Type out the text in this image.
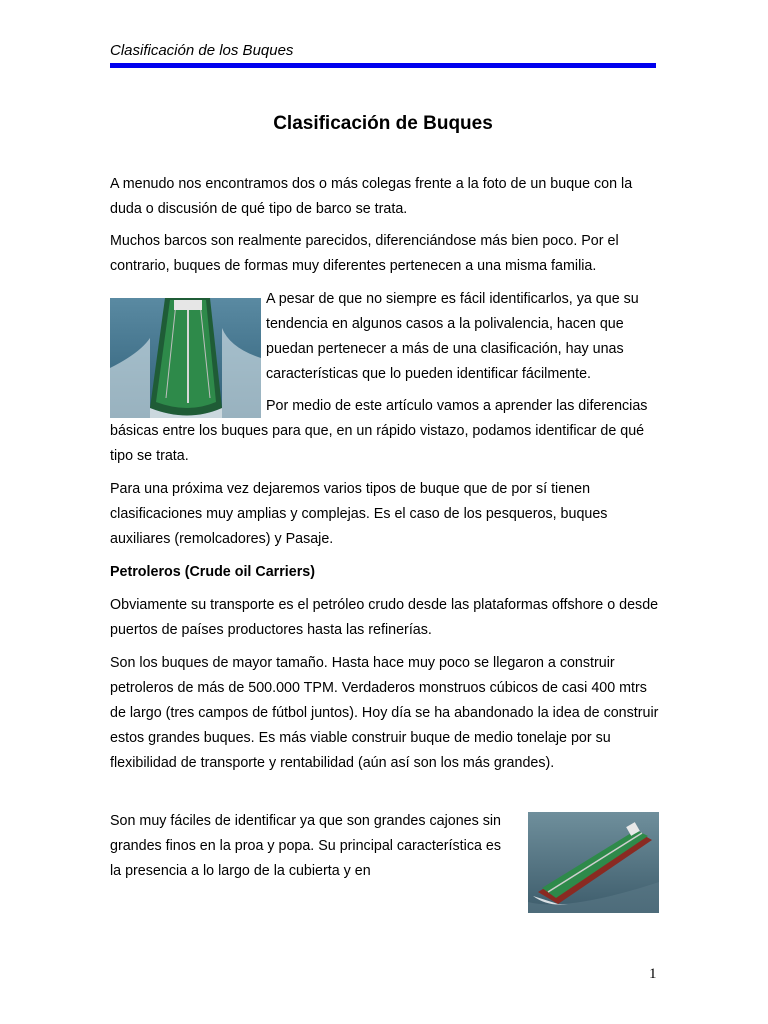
Clasificación de los Buques
Clasificación de Buques

A menudo nos encontramos dos o más colegas frente a la foto de un buque con la duda o discusión de qué tipo de barco se trata.

Muchos barcos son realmente parecidos, diferenciándose más bien poco. Por el contrario, buques de formas muy diferentes pertenecen a una misma familia.

A pesar de que no siempre es fácil identificarlos, ya que su tendencia en algunos casos a la polivalencia, hacen que puedan pertenecer a más de una clasificación, hay unas características que lo pueden identificar fácilmente.

Por medio de este artículo vamos a aprender las diferencias básicas entre los buques para que, en un rápido vistazo, podamos identificar de qué tipo se trata.

Para una próxima vez dejaremos varios tipos de buque que de por sí tienen clasificaciones muy amplias y complejas. Es el caso de los pesqueros, buques auxiliares (remolcadores) y Pasaje.

Petroleros (Crude oil Carriers)

Obviamente su transporte es el petróleo crudo desde las plataformas offshore o desde puertos de países productores hasta las refinerías.

Son los buques de mayor tamaño. Hasta hace muy poco se llegaron a construir petroleros de más de 500.000 TPM. Verdaderos monstruos cúbicos de casi 400 mtrs de largo (tres campos de fútbol juntos). Hoy día se ha abandonado la idea de construir estos grandes buques. Es más viable construir buque de medio tonelaje por su flexibilidad de transporte y rentabilidad (aún así son los más grandes).

Son muy fáciles de identificar ya que son grandes cajones sin grandes finos en la proa y popa. Su principal característica es la presencia a lo largo de la cubierta y en

1
